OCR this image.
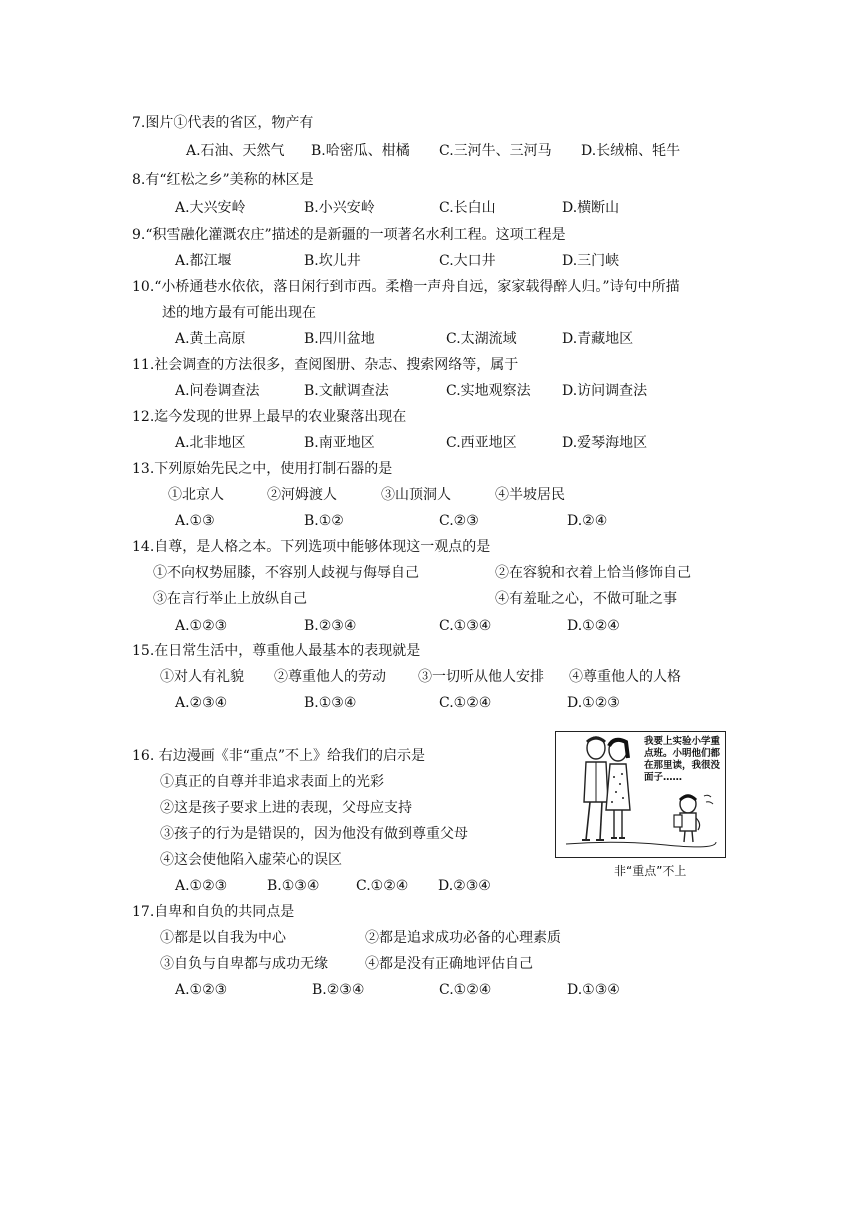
7.图片①代表的省区，物产有
A.石油、天然气 B.哈密瓜、柑橘 C.三河牛、三河马 D.长绒棉、牦牛
8.有“红松之乡”美称的林区是
A.大兴安岭	B.小兴安岭	C.长白山	D.横断山
9.“积雪融化灌溉农庄”描述的是新疆的一项著名水利工程。这项工程是
A.都江堰	B.坎儿井	C.大口井	D.三门峡
10.“小桥通巷水依依，落日闲行到市西。柔橹一声舟自远，家家载得醉人归。”诗句中所描
述的地方最有可能出现在
A.黄土高原	B.四川盆地	C.太湖流域	D.青藏地区
11.社会调查的方法很多，查阅图册、杂志、搜索网络等，属于
A.问卷调查法	B.文献调查法	C.实地观察法 D.访问调查法
12.迄今发现的世界上最早的农业聚落出现在
A.北非地区	B.南亚地区	C.西亚地区	D.爱琴海地区
13.下列原始先民之中，使用打制石器的是
①北京人	②河姆渡人	③山顶洞人	④半坡居民
A.①③	B.①②	C.②③	D.②④
14.自尊，是人格之本。下列选项中能够体现这一观点的是
①不向权势屈膝，不容别人歧视与侮辱自己	②在容貌和衣着上恰当修饰自己
③在言行举止上放纵自己	④有羞耻之心，不做可耻之事
A.①②③	B.②③④	C.①③④	D.①②④
15.在日常生活中，尊重他人最基本的表现就是
①对人有礼貌 ②尊重他人的劳动 ③一切听从他人安排 ④尊重他人的人格
A.②③④	B.①③④	C.①②④	D.①②③
16. 右边漫画《非“重点”不上》给我们的启示是
①真正的自尊并非追求表面上的光彩
②这是孩子要求上进的表现，父母应支持
③孩子的行为是错误的，因为他没有做到尊重父母
④这会使他陷入虚荣心的误区
A.①②③	B.①③④	C.①②④ D.②③④
我要上实验小学重点班。小明他们都在那里读，我很没面子……
非“重点”不上
17.自卑和自负的共同点是
①都是以自我为中心	②都是追求成功必备的心理素质
③自负与自卑都与成功无缘	④都是没有正确地评估自己
A.①②③	B.②③④	C.①②④	D.①③④
